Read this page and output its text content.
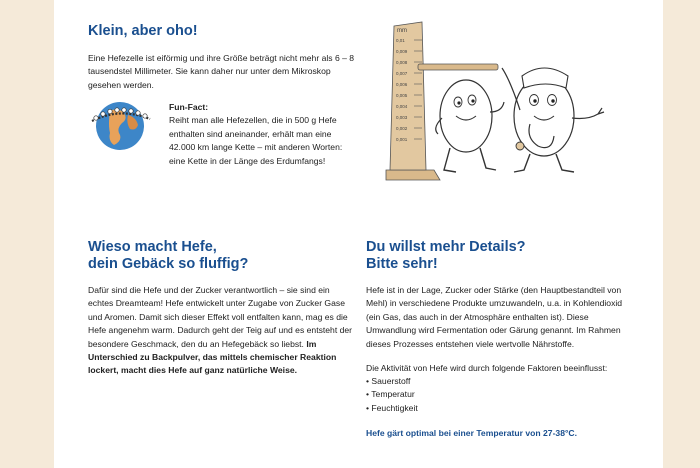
Klein, aber oho!

Eine Hefezelle ist eiförmig und ihre Größe beträgt nicht mehr als 6 – 8 tausendstel Millimeter. Sie kann daher nur unter dem Mikroskop gesehen werden.

Fun-Fact:
Reiht man alle Hefezellen, die in 500 g Hefe enthalten sind aneinander, erhält man eine 42.000 km lange Kette – mit anderen Worten: eine Kette in der Länge des Erdumfangs!

mm
0,01
0,009
0,008
0,007
0,006
0,005
0,004
0,003
0,002
0,001
Wieso macht Hefe,
dein Gebäck so fluffig?

Dafür sind die Hefe und der Zucker verantwortlich – sie sind ein echtes Dreamteam! Hefe entwickelt unter Zugabe von Zucker Gase und Aromen. Damit sich dieser Effekt voll entfalten kann, mag es die Hefe angenehm warm. Dadurch geht der Teig auf und es entsteht der besondere Geschmack, den du an Hefegebäck so liebst. Im Unterschied zu Backpulver, das mittels chemischer Reaktion lockert, macht dies Hefe auf ganz natürliche Weise.

Du willst mehr Details?
Bitte sehr!

Hefe ist in der Lage, Zucker oder Stärke (den Hauptbestandteil von Mehl) in verschiedene Produkte umzuwandeln, u.a. in Kohlendioxid (ein Gas, das auch in der Atmosphäre enthalten ist). Diese Umwandlung wird Fermentation oder Gärung genannt. Im Rahmen dieses Prozesses entstehen viele wertvolle Nährstoffe.

Die Aktivität von Hefe wird durch folgende Faktoren beeinflusst:

• Sauerstoff
• Temperatur
• Feuchtigkeit

Hefe gärt optimal bei einer Temperatur von 27-38°C.
